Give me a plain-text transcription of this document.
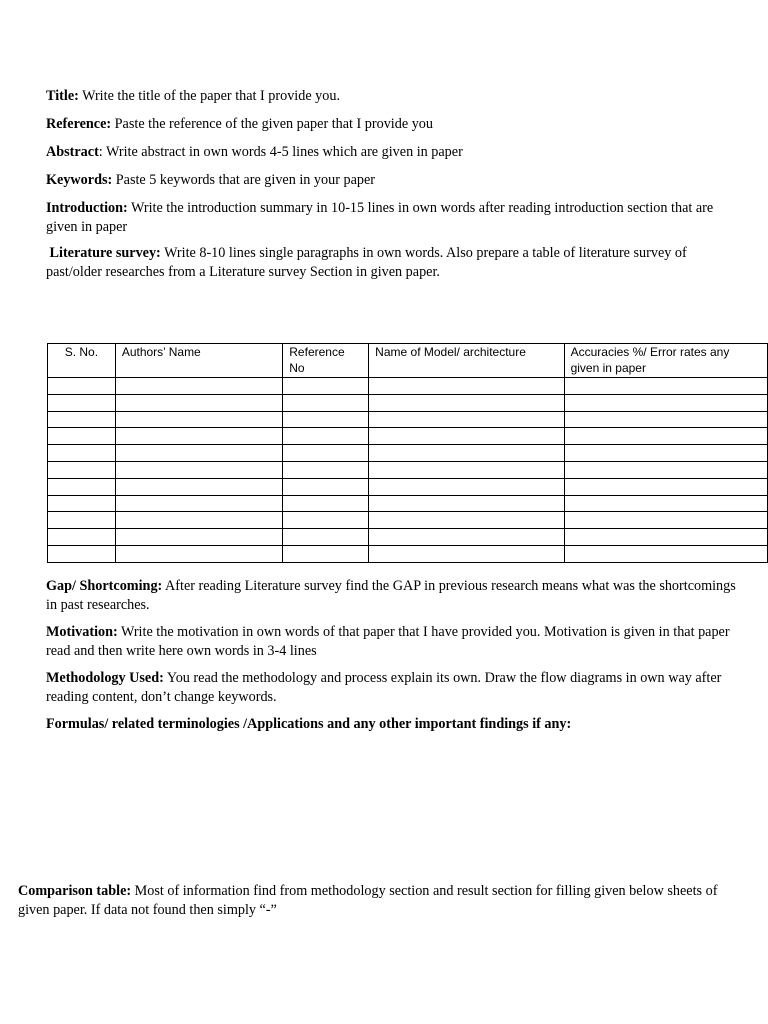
Title: Write the title of the paper that I provide you.

Reference: Paste the reference of the given paper that I provide you

Abstract: Write abstract in own words 4-5 lines which are given in paper

Keywords: Paste 5 keywords that are given in your paper

Introduction: Write the introduction summary in 10-15 lines in own words after reading introduction section that are given in paper

Literature survey: Write 8-10 lines single paragraphs in own words. Also prepare a table of literature survey of past/older researches from a Literature survey Section in given paper.

S. No.	Authors’ Name	Reference No	Name of Model/ architecture	Accuracies %/ Error rates any given in paper

Gap/ Shortcoming: After reading Literature survey find the GAP in previous research means what was the shortcomings in past researches.

Motivation: Write the motivation in own words of that paper that I have provided you. Motivation is given in that paper read and then write here own words in 3-4 lines

Methodology Used: You read the methodology and process explain its own. Draw the flow diagrams in own way after reading content, don’t change keywords.

Formulas/ related terminologies /Applications and any other important findings if any:

Comparison table: Most of information find from methodology section and result section for filling given below sheets of given paper. If data not found then simply “-”
